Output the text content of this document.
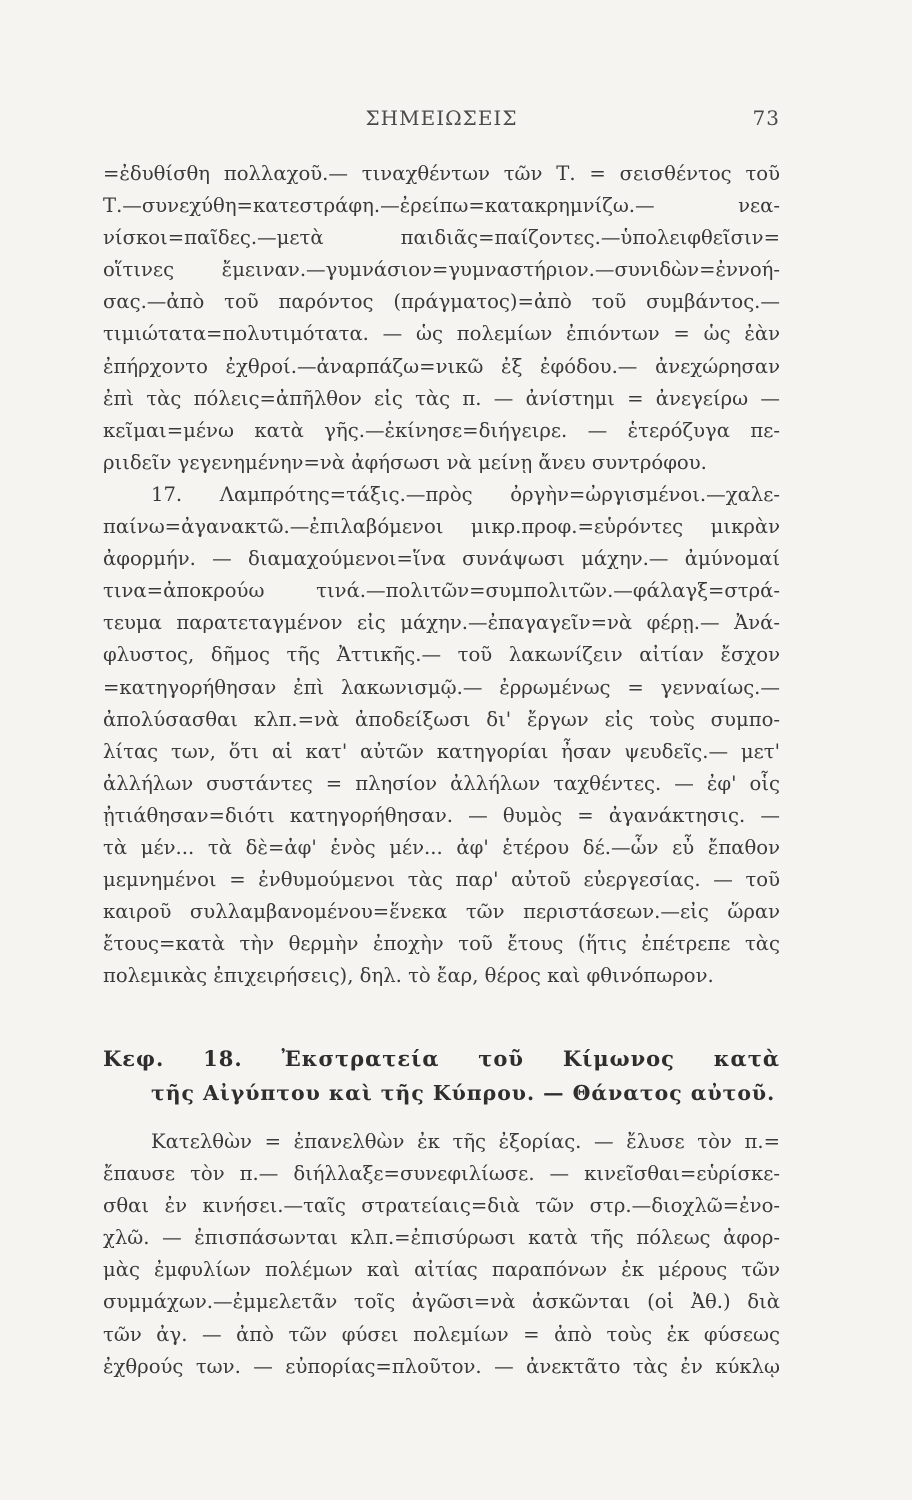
ΣΗΜΕΙΩΣΕΙΣ	73
=ἐδυθίσθη πολλαχοῦ.— τιναχθέντων τῶν Τ. = σεισθέντος τοῦ
Τ.—συνεχύθη=κατεστράφη.—ἐρείπω=κατακρημνίζω.— νεα-
νίσκοι=παῖδες.—μετὰ παιδιᾶς=παίζοντες.—ὑπολειφθεῖσιν=
οἵτινες ἔμειναν.—γυμνάσιον=γυμναστήριον.—συνιδὼν=ἐννοή-
σας.—ἀπὸ τοῦ παρόντος (πράγματος)=ἀπὸ τοῦ συμβάντος.—
τιμιώτατα=πολυτιμότατα. — ὡς πολεμίων ἐπιόντων = ὡς ἐὰν
ἐπήρχοντο ἐχθροί.—ἀναρπάζω=νικῶ ἐξ ἐφόδου.— ἀνεχώρησαν
ἐπὶ τὰς πόλεις=ἀπῆλθον εἰς τὰς π. — ἀνίστημι = ἀνεγείρω —
κεῖμαι=μένω κατὰ γῆς.—ἐκίνησε=διήγειρε. — ἑτερόζυγα πε-
ριιδεῖν γεγενημένην=νὰ ἀφήσωσι νὰ μείνῃ ἄνευ συντρόφου.
17. Λαμπρότης=τάξις.—πρὸς ὀργὴν=ὠργισμένοι.—χαλε-
παίνω=ἀγανακτῶ.—ἐπιλαβόμενοι μικρ.προφ.=εὑρόντες μικρὰν
ἀφορμήν. — διαμαχούμενοι=ἵνα συνάψωσι μάχην.— ἀμύνομαί
τινα=ἀποκρούω τινά.—πολιτῶν=συμπολιτῶν.—φάλαγξ=στρά-
τευμα παρατεταγμένον εἰς μάχην.—ἐπαγαγεῖν=νὰ φέρῃ.— Ἀνά-
φλυστος, δῆμος τῆς Ἀττικῆς.— τοῦ λακωνίζειν αἰτίαν ἔσχον
=κατηγορήθησαν ἐπὶ λακωνισμῷ.— ἐρρωμένως = γενναίως.—
ἀπολύσασθαι κλπ.=νὰ ἀποδείξωσι δι' ἔργων εἰς τοὺς συμπο-
λίτας των, ὅτι αἱ κατ' αὐτῶν κατηγορίαι ἦσαν ψευδεῖς.— μετ'
ἀλλήλων συστάντες = πλησίον ἀλλήλων ταχθέντες. — ἐφ' οἷς
ᾐτιάθησαν=διότι κατηγορήθησαν. — θυμὸς = ἀγανάκτησις. —
τὰ μέν... τὰ δὲ=ἀφ' ἑνὸς μέν... ἀφ' ἑτέρου δέ.—ὧν εὖ ἔπαθον
μεμνημένοι = ἐνθυμούμενοι τὰς παρ' αὐτοῦ εὐεργεσίας. — τοῦ
καιροῦ συλλαμβανομένου=ἕνεκα τῶν περιστάσεων.—εἰς ὥραν
ἔτους=κατὰ τὴν θερμὴν ἐποχὴν τοῦ ἔτους (ἥτις ἐπέτρεπε τὰς
πολεμικὰς ἐπιχειρήσεις), δηλ. τὸ ἔαρ, θέρος καὶ φθινόπωρον.
Κεφ. 18. Ἐκστρατεία τοῦ Κίμωνος κατὰ
τῆς Αἰγύπτου καὶ τῆς Κύπρου. — Θάνατος αὐτοῦ.
Κατελθὼν = ἐπανελθὼν ἐκ τῆς ἐξορίας. — ἔλυσε τὸν π.=
ἔπαυσε τὸν π.— διήλλαξε=συνεφιλίωσε. — κινεῖσθαι=εὑρίσκε-
σθαι ἐν κινήσει.—ταῖς στρατείαις=διὰ τῶν στρ.—διοχλῶ=ἐνο-
χλῶ. — ἐπισπάσωνται κλπ.=ἐπισύρωσι κατὰ τῆς πόλεως ἀφορ-
μὰς ἐμφυλίων πολέμων καὶ αἰτίας παραπόνων ἐκ μέρους τῶν
συμμάχων.—ἐμμελετᾶν τοῖς ἀγῶσι=νὰ ἀσκῶνται (οἱ Ἀθ.) διὰ
τῶν ἀγ. — ἀπὸ τῶν φύσει πολεμίων = ἀπὸ τοὺς ἐκ φύσεως
ἐχθρούς των. — εὐπορίας=πλοῦτον. — ἀνεκτᾶτο τὰς ἐν κύκλῳ
